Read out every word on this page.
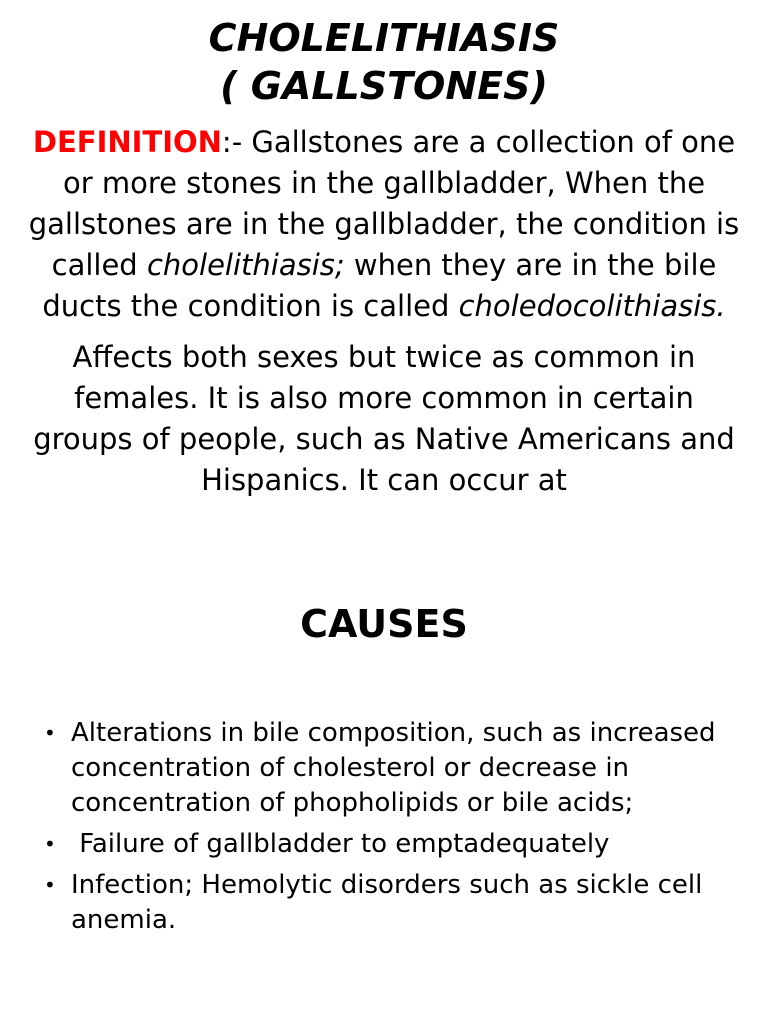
CHOLELITHIASIS
( GALLSTONES)

DEFINITION:- Gallstones are a collection of one or more stones in the gallbladder, When the gallstones are in the gallbladder, the condition is called cholelithiasis; when they are in the bile ducts the condition is called choledocolithiasis.

Affects both sexes but twice as common in females. It is also more common in certain groups of people, such as Native Americans and Hispanics. It can occur at

CAUSES
• Alterations in bile composition, such as increased concentration of cholesterol or decrease in concentration of phopholipids or bile acids;
• Failure of gallbladder to emptadequately
• Infection; Hemolytic disorders such as sickle cell anemia.
